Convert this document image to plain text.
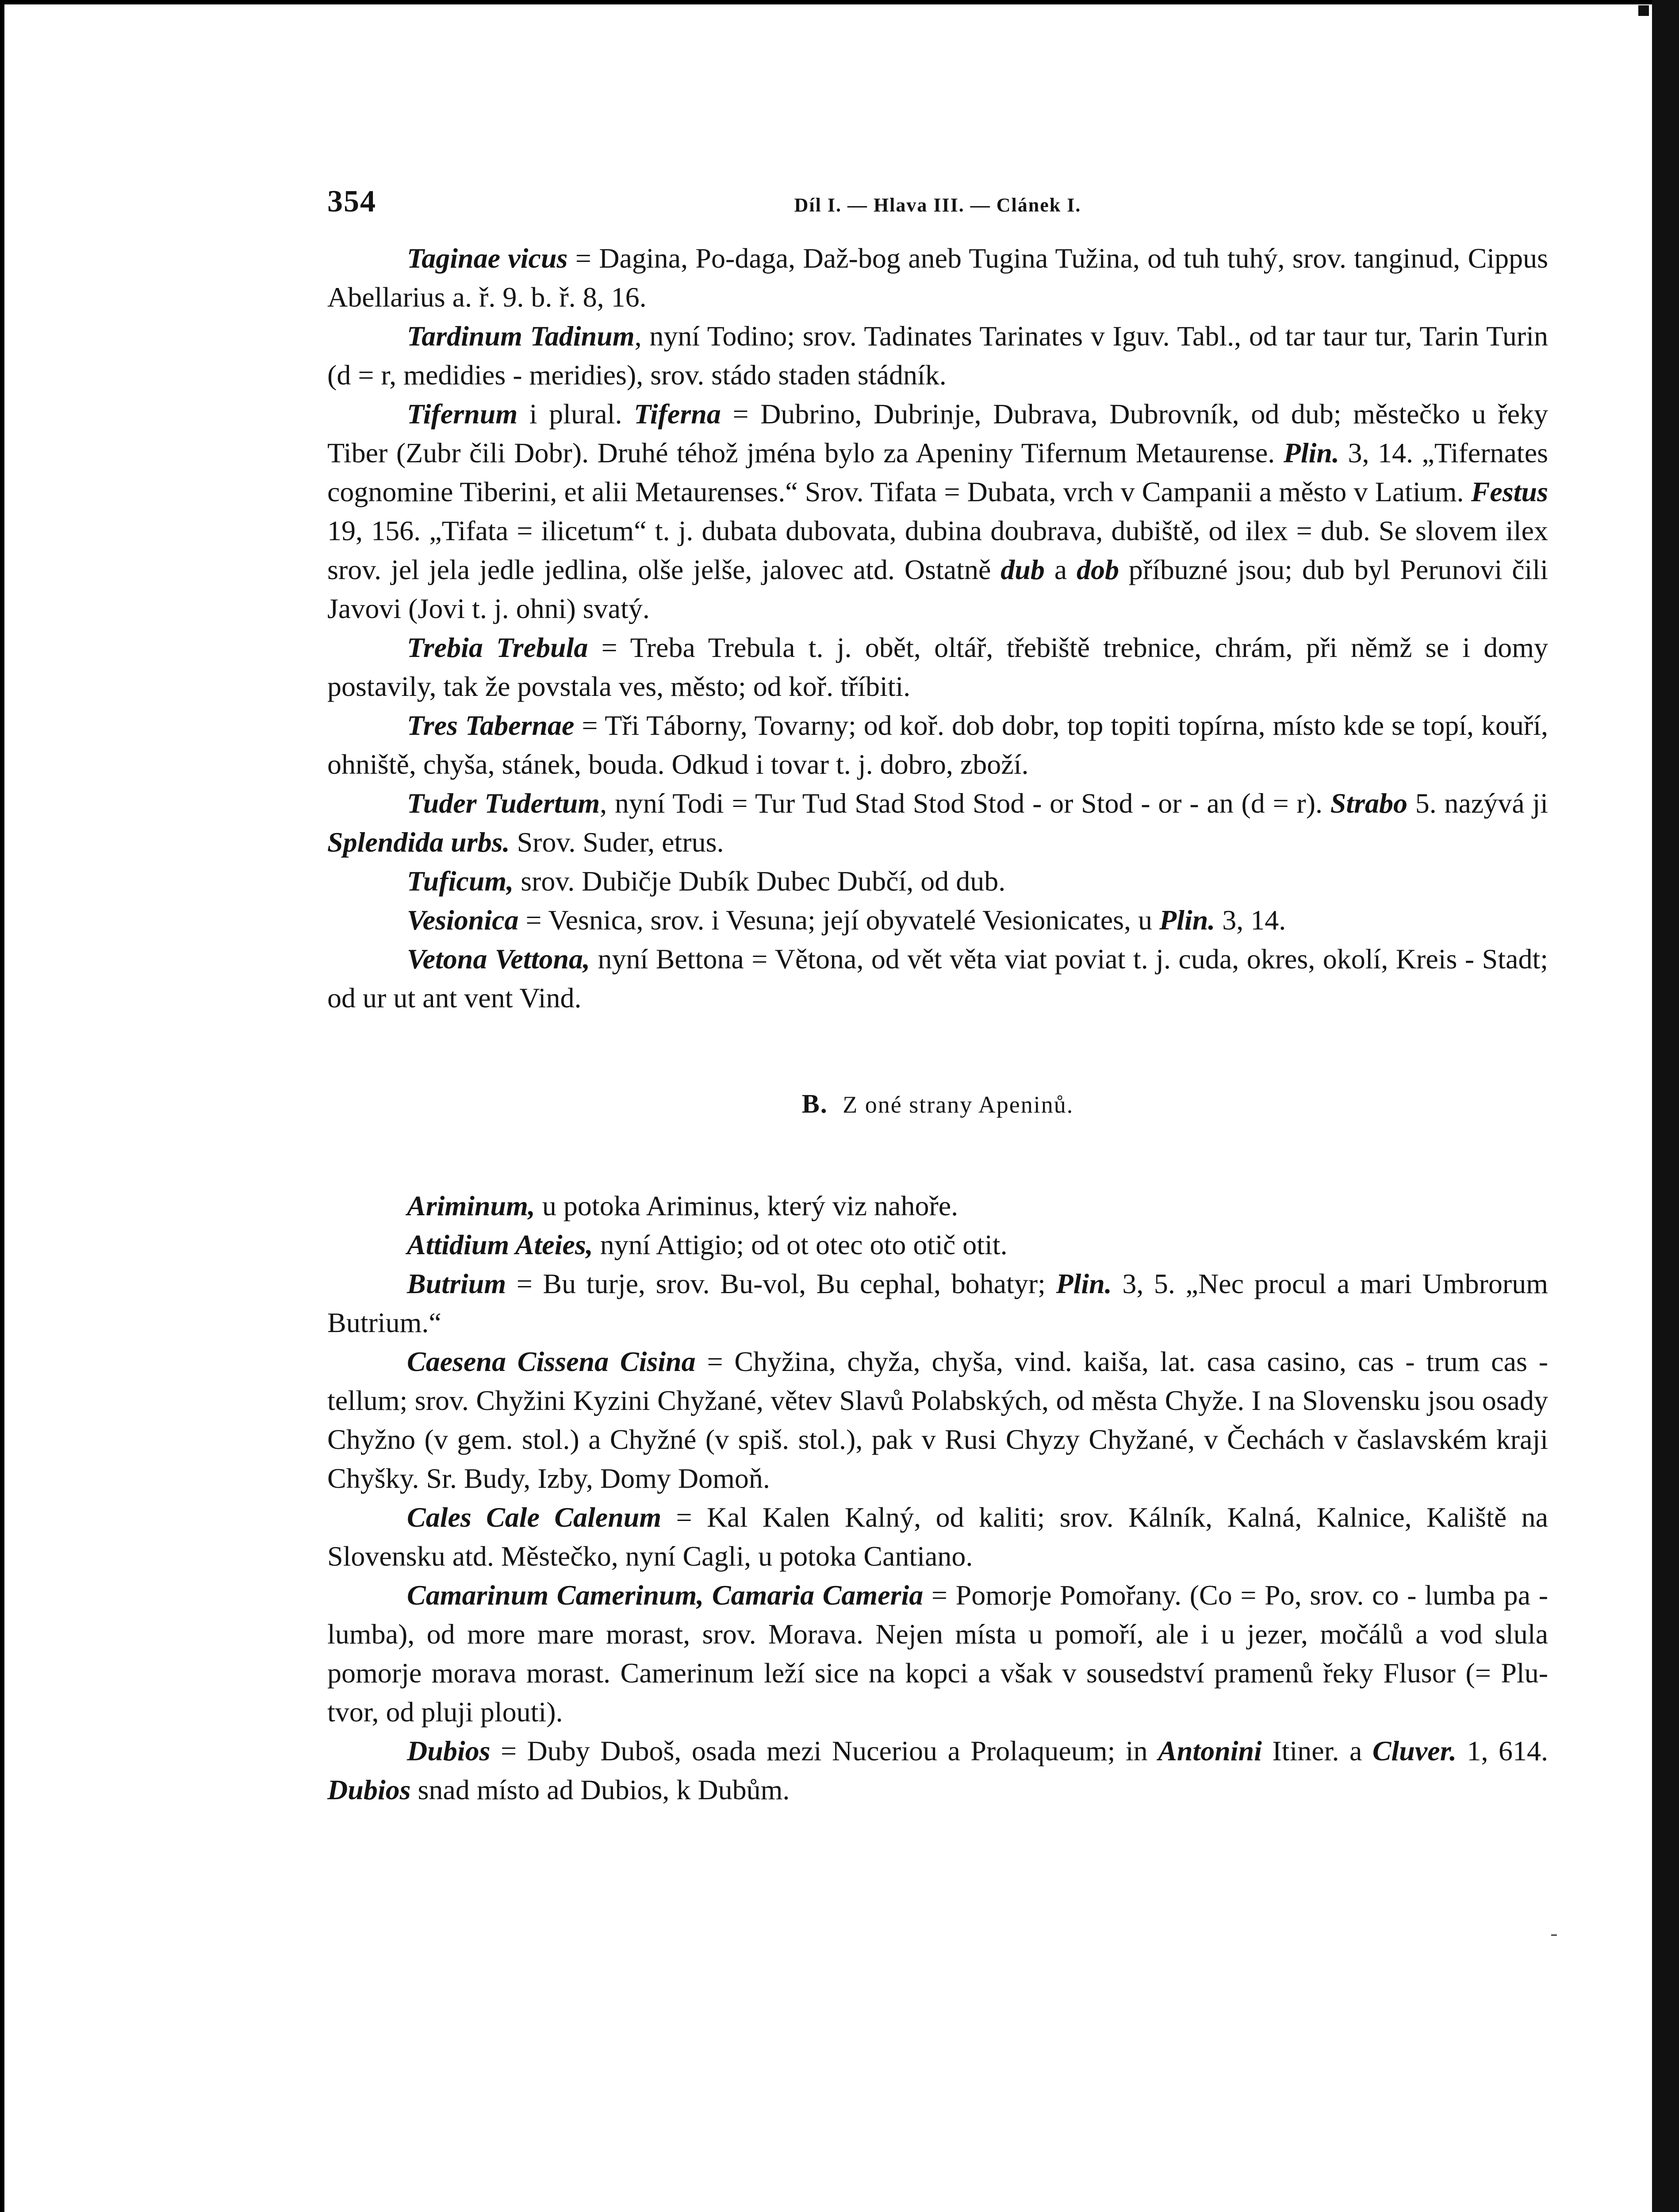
354	Díl I. — Hlava III. — Clánek I.

Taginae vicus = Dagina, Po-daga, Daž-bog aneb Tugina Tužina, od tuh tuhý, srov. tanginud, Cippus Abellarius a. ř. 9. b. ř. 8, 16.

Tardinum Tadinum, nyní Todino; srov. Tadinates Tarinates v Iguv. Tabl., od tar taur tur, Tarin Turin (d = r, medidies - meridies), srov. stádo staden stádník.

Tifernum i plural. Tiferna = Dubrino, Dubrinje, Dubrava, Dubrovník, od dub; městečko u řeky Tiber (Zubr čili Dobr). Druhé téhož jména bylo za Apeniny Tifernum Metaurense. Plin. 3, 14. „Tifernates cognomine Tiberini, et alii Metaurenses.“ Srov. Tifata = Dubata, vrch v Campanii a město v Latium. Festus 19, 156. „Tifata = ilicetum“ t. j. dubata dubovata, dubina doubrava, dubiště, od ilex = dub. Se slovem ilex srov. jel jela jedle jedlina, olše jelše, jalovec atd. Ostatně dub a dob příbuzné jsou; dub byl Perunovi čili Javovi (Jovi t. j. ohni) svatý.

Trebia Trebula = Treba Trebula t. j. obět, oltář, třebiště trebnice, chrám, při němž se i domy postavily, tak že povstala ves, město; od koř. tříbiti.

Tres Tabernae = Tři Táborny, Tovarny; od koř. dob dobr, top topiti topírna, místo kde se topí, kouří, ohniště, chyša, stánek, bouda. Odkud i tovar t. j. dobro, zboží.

Tuder Tudertum, nyní Todi = Tur Tud Stad Stod Stod - or Stod - or - an (d = r). Strabo 5. nazývá ji Splendida urbs. Srov. Suder, etrus.

Tuficum, srov. Dubičje Dubík Dubec Dubčí, od dub.

Vesionica = Vesnica, srov. i Vesuna; její obyvatelé Vesionicates, u Plin. 3, 14.

Vetona Vettona, nyní Bettona = Větona, od vět věta viat poviat t. j. cuda, okres, okolí, Kreis - Stadt; od ur ut ant vent Vind.

B. Z oné strany Apeninů.

Ariminum, u potoka Ariminus, který viz nahoře.

Attidium Ateies, nyní Attigio; od ot otec oto otič otit.

Butrium = Bu turje, srov. Bu-vol, Bu cephal, bohatyr; Plin. 3, 5. „Nec procul a mari Umbrorum Butrium.“

Caesena Cissena Cisina = Chyžina, chyža, chyša, vind. kaiša, lat. casa casino, cas - trum cas - tellum; srov. Chyžini Kyzini Chyžané, větev Slavů Polabských, od města Chyže. I na Slovensku jsou osady Chyžno (v gem. stol.) a Chyžné (v spiš. stol.), pak v Rusi Chyzy Chyžané, v Čechách v časlavském kraji Chyšky. Sr. Budy, Izby, Domy Domoň.

Cales Cale Calenum = Kal Kalen Kalný, od kaliti; srov. Kálník, Kalná, Kalnice, Kaliště na Slovensku atd. Městečko, nyní Cagli, u potoka Cantiano.

Camarinum Camerinum, Camaria Cameria = Pomorje Pomořany. (Co = Po, srov. co - lumba pa - lumba), od more mare morast, srov. Morava. Nejen místa u pomoří, ale i u jezer, močálů a vod slula pomorje morava morast. Camerinum leží sice na kopci a však v sousedství pramenů řeky Flusor (= Plu-tvor, od pluji plouti).

Dubios = Duby Duboš, osada mezi Nuceriou a Prolaqueum; in Antonini Itiner. a Cluver. 1, 614. Dubios snad místo ad Dubios, k Dubům.

-
